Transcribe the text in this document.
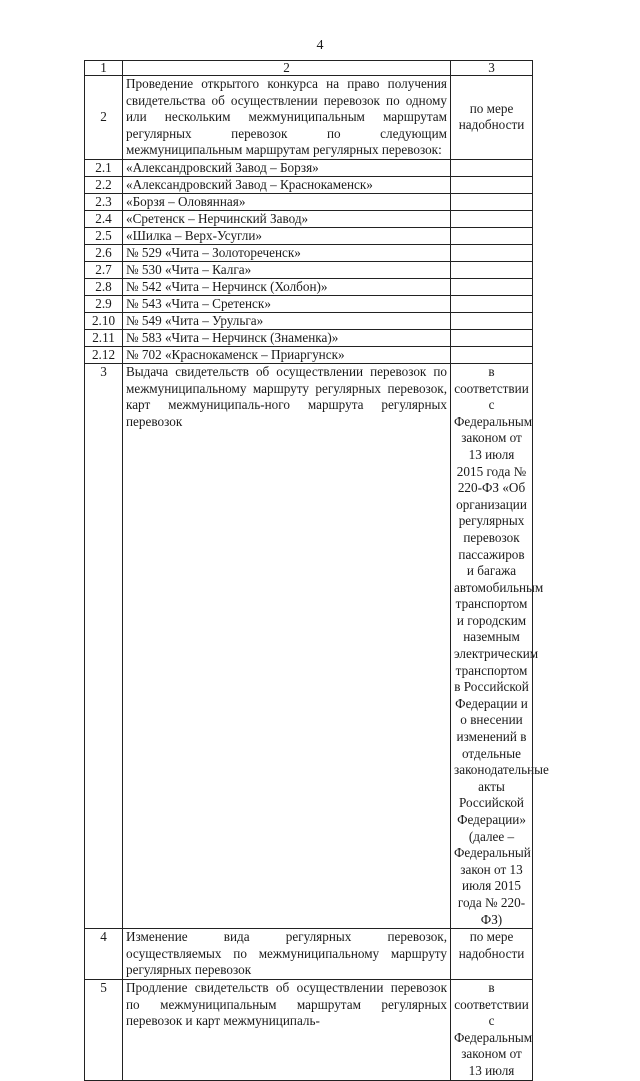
4
1	2	3
2	Проведение открытого конкурса на право получения свидетельства об осуществлении перевозок по одному или нескольким межмуниципальным маршрутам регулярных перевозок по следующим межмуниципальным маршрутам регулярных перевозок:	по мере надобности
2.1	«Александровский Завод – Борзя»	
2.2	«Александровский Завод – Краснокаменск»	
2.3	«Борзя – Оловянная»	
2.4	«Сретенск – Нерчинский Завод»	
2.5	«Шилка – Верх-Усугли»	
2.6	№ 529 «Чита – Золотореченск»	
2.7	№ 530 «Чита – Калга»	
2.8	№ 542 «Чита – Нерчинск (Холбон)»	
2.9	№ 543 «Чита – Сретенск»	
2.10	№ 549 «Чита – Урульга»	
2.11	№ 583 «Чита – Нерчинск (Знаменка)»	
2.12	№ 702 «Краснокаменск – Приаргунск»	
3	Выдача свидетельств об осуществлении перевозок по межмуниципальному маршруту регулярных перевозок, карт межмуниципаль-ного маршрута регулярных перевозок	в соответствии с Федеральным законом от 13 июля 2015 года № 220-ФЗ «Об организации регулярных перевозок пассажиров и багажа автомобильным транспортом и городским наземным электрическим транспортом в Российской Федерации и о внесении изменений в отдельные законодательные акты Российской Федерации» (далее – Федеральный закон от 13 июля 2015 года № 220-ФЗ)
4	Изменение вида регулярных перевозок, осуществляемых по межмуниципальному маршруту регулярных перевозок	по мере надобности
5	Продление свидетельств об осуществлении перевозок по межмуниципальным маршрутам регулярных перевозок и карт межмуниципаль-	в соответствии с Федеральным законом от 13 июля
